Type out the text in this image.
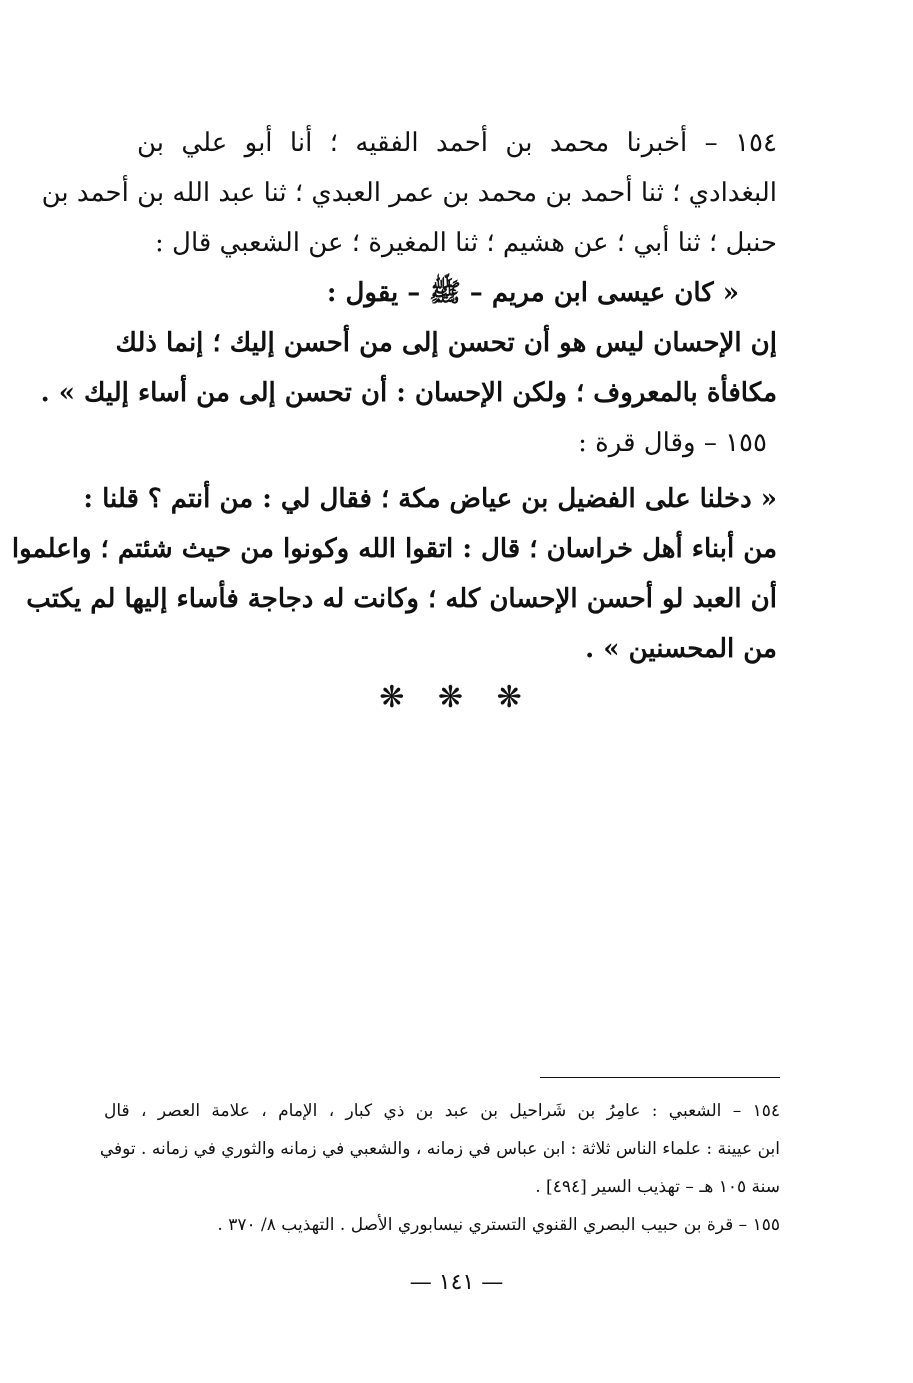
١٥٤ – أخبرنا محمد بن أحمد الفقيه ؛ أنا أبو علي بن
البغدادي ؛ ثنا أحمد بن محمد بن عمر العبدي ؛ ثنا عبد الله بن أحمد بن
حنبل ؛ ثنا أبي ؛ عن هشيم ؛ ثنا المغيرة ؛ عن الشعبي قال :
« كان عيسى ابن مريم – ﷺ – يقول :
إن الإحسان ليس هو أن تحسن إلى من أحسن إليك ؛ إنما ذلك
مكافأة بالمعروف ؛ ولكن الإحسان : أن تحسن إلى من أساء إليك » .
١٥٥ – وقال قرة :
« دخلنا على الفضيل بن عياض مكة ؛ فقال لي : من أنتم ؟ قلنا :
من أبناء أهل خراسان ؛ قال : اتقوا الله وكونوا من حيث شئتم ؛ واعلموا
أن العبد لو أحسن الإحسان كله ؛ وكانت له دجاجة فأساء إليها لم يكتب
من المحسنين » .
❋ ❋ ❋
١٥٤ – الشعبي : عامِرُ بن شَراحيل بن عبد بن ذي كبار ، الإمام ، علامة العصر ، قال
ابن عيينة : علماء الناس ثلاثة : ابن عباس في زمانه ، والشعبي في زمانه والثوري في زمانه . توفي
سنة ١٠٥ هـ – تهذيب السير [٤٩٤] .
١٥٥ – قرة بن حبيب البصري القنوي التستري نيسابوري الأصل . التهذيب ٨/ ٣٧٠ .
— ١٤١ —
